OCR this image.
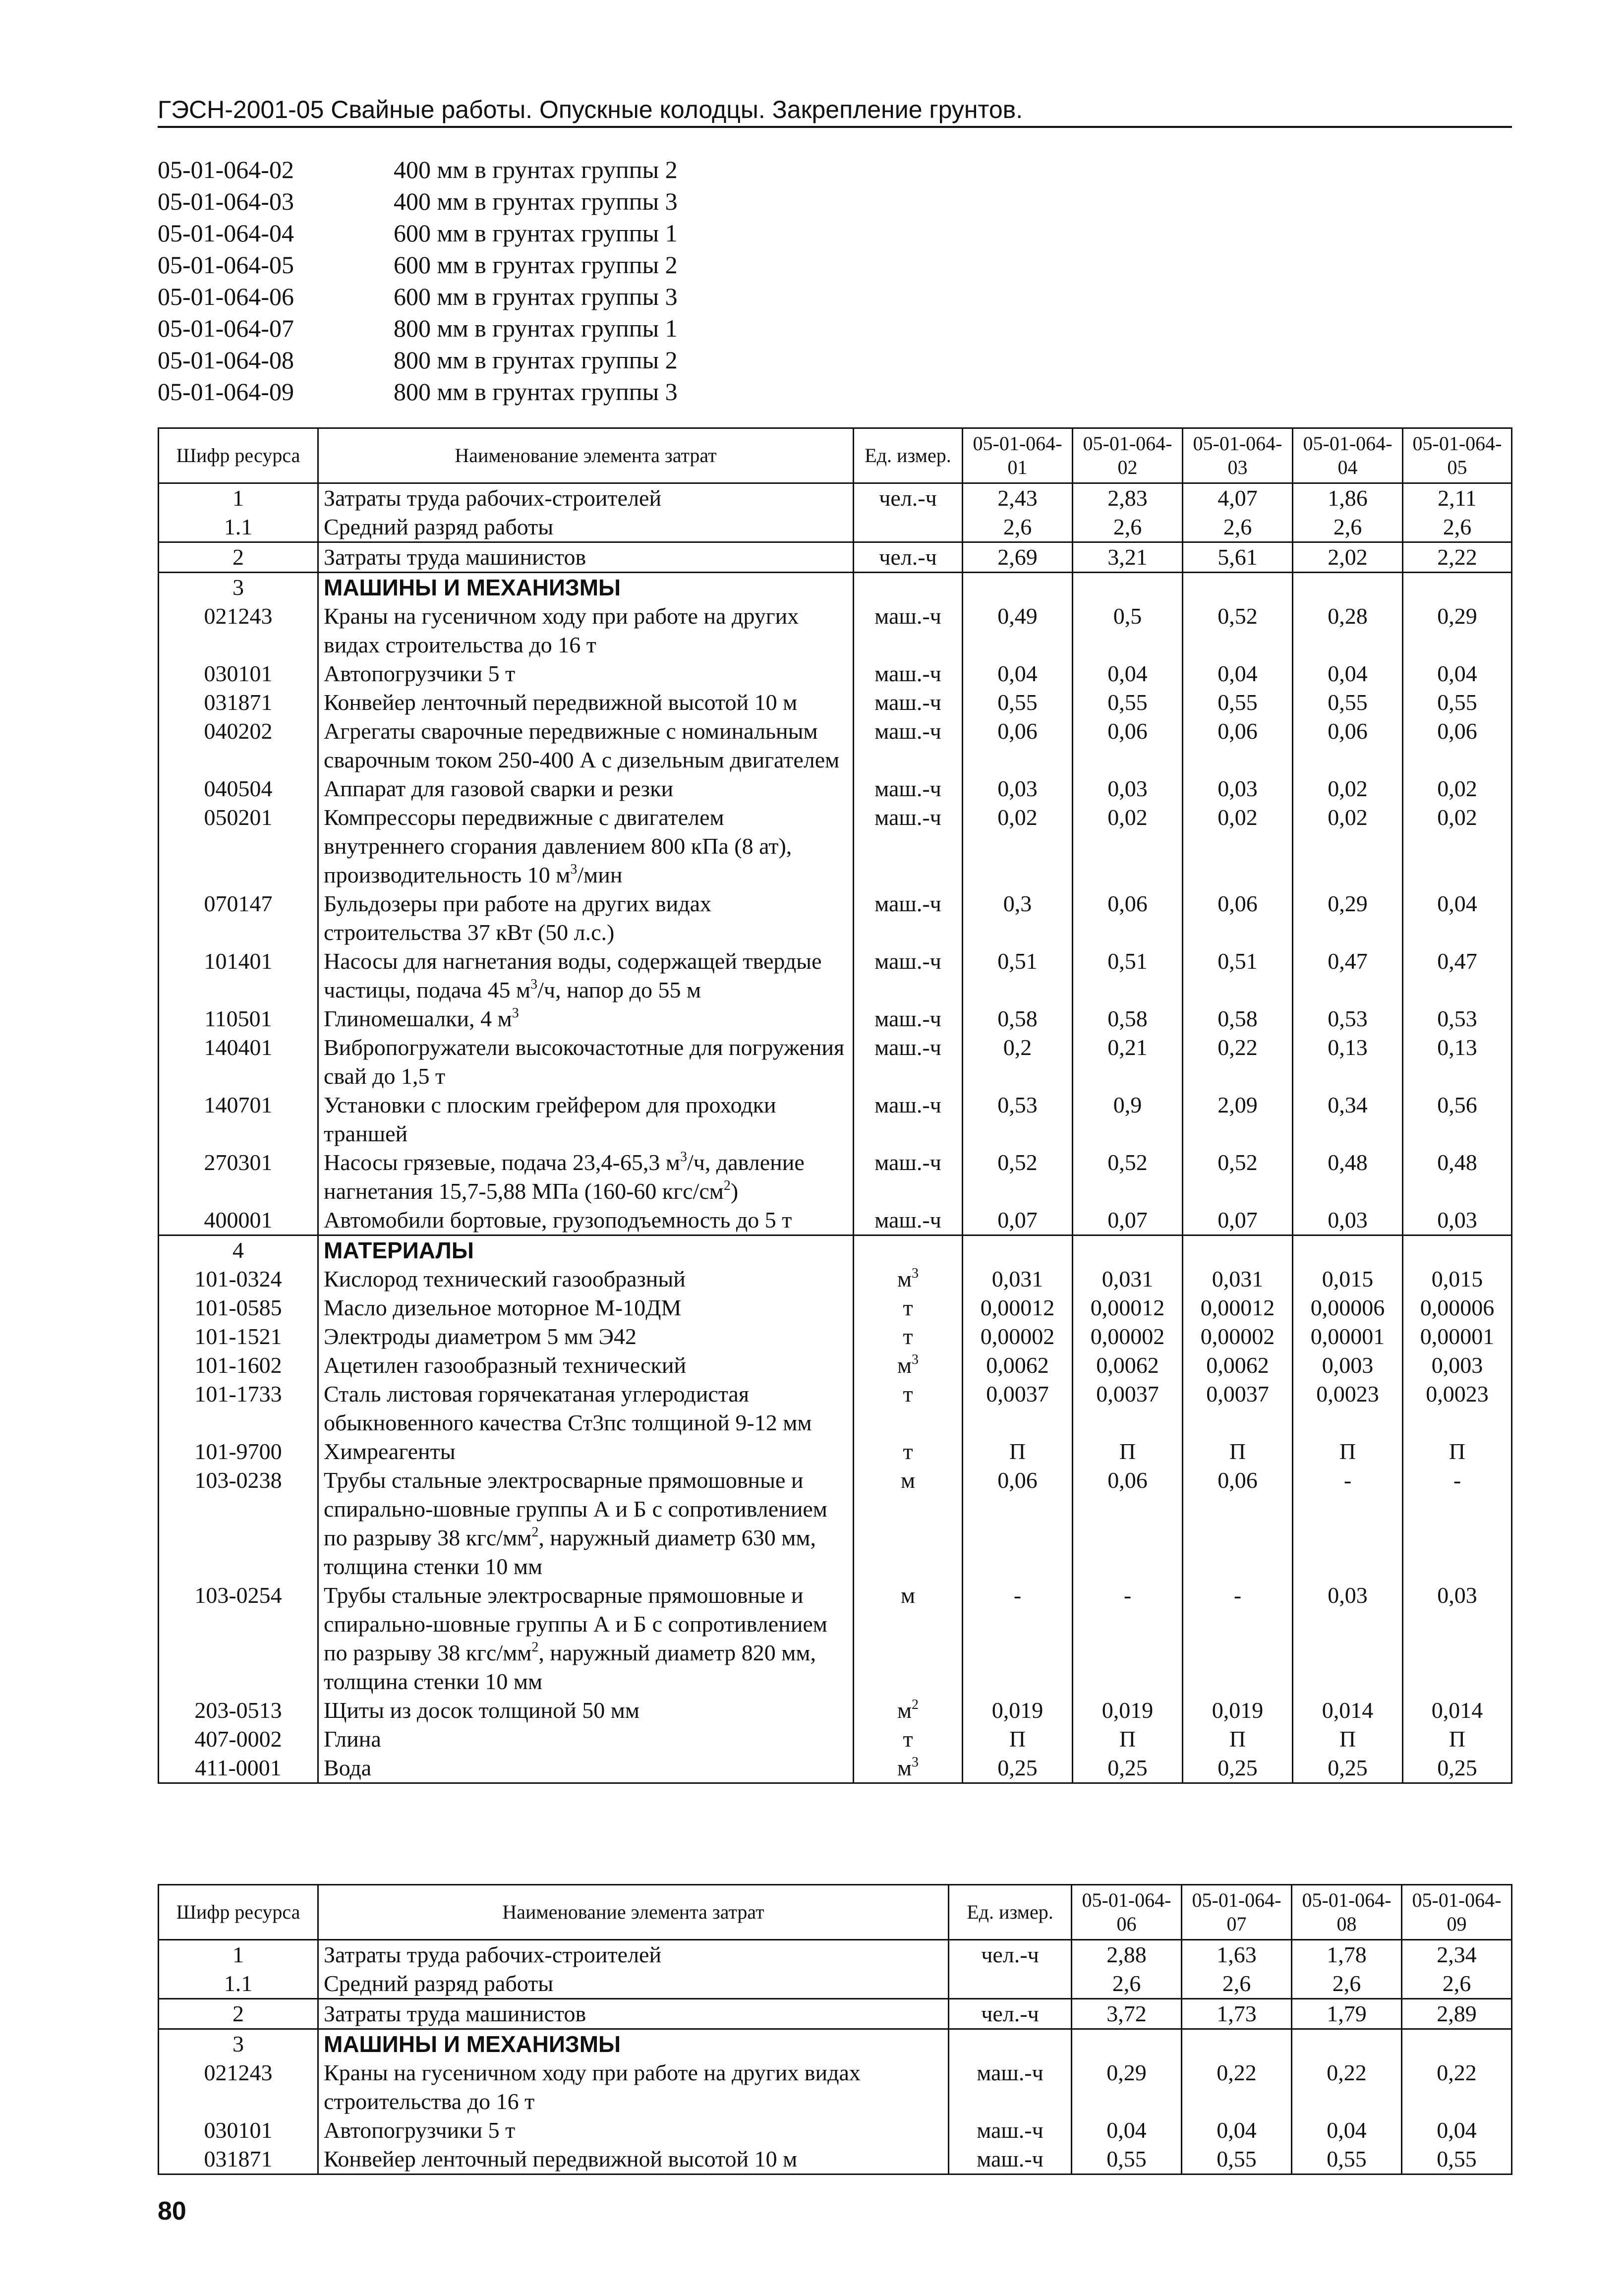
ГЭСН-2001-05 Свайные работы. Опускные колодцы. Закрепление грунтов.
05-01-064-02	400 мм в грунтах группы 2
05-01-064-03	400 мм в грунтах группы 3
05-01-064-04	600 мм в грунтах группы 1
05-01-064-05	600 мм в грунтах группы 2
05-01-064-06	600 мм в грунтах группы 3
05-01-064-07	800 мм в грунтах группы 1
05-01-064-08	800 мм в грунтах группы 2
05-01-064-09	800 мм в грунтах группы 3
Шифр ресурса	Наименование элемента затрат	Ед. измер.	05-01-064-01	05-01-064-02	05-01-064-03	05-01-064-04	05-01-064-05
1	Затраты труда рабочих-строителей	чел.-ч	2,43	2,83	4,07	1,86	2,11
1.1	Средний разряд работы		2,6	2,6	2,6	2,6	2,6
2	Затраты труда машинистов	чел.-ч	2,69	3,21	5,61	2,02	2,22
3	МАШИНЫ И МЕХАНИЗМЫ						
021243	Краны на гусеничном ходу при работе на других видах строительства до 16 т	маш.-ч	0,49	0,5	0,52	0,28	0,29
030101	Автопогрузчики 5 т	маш.-ч	0,04	0,04	0,04	0,04	0,04
031871	Конвейер ленточный передвижной высотой 10 м	маш.-ч	0,55	0,55	0,55	0,55	0,55
040202	Агрегаты сварочные передвижные с номинальным сварочным током 250-400 А с дизельным двигателем	маш.-ч	0,06	0,06	0,06	0,06	0,06
040504	Аппарат для газовой сварки и резки	маш.-ч	0,03	0,03	0,03	0,02	0,02
050201	Компрессоры передвижные с двигателем внутреннего сгорания давлением 800 кПа (8 ат), производительность 10 $м^3$/мин	маш.-ч	0,02	0,02	0,02	0,02	0,02
070147	Бульдозеры при работе на других видах строительства 37 кВт (50 л.с.)	маш.-ч	0,3	0,06	0,06	0,29	0,04
101401	Насосы для нагнетания воды, содержащей твердые частицы, подача 45 $м^3/ч$, напор до 55 м	маш.-ч	0,51	0,51	0,51	0,47	0,47
110501	Глиномешалки, 4 $м^3$	маш.-ч	0,58	0,58	0,58	0,53	0,53
140401	Вибропогружатели высокочастотные для погружения свай до 1,5 т	маш.-ч	0,2	0,21	0,22	0,13	0,13
140701	Установки с плоским грейфером для проходки траншей	маш.-ч	0,53	0,9	2,09	0,34	0,56
270301	Насосы грязевые, подача 23,4-65,3 $м^3/ч$, давление нагнетания 15,7-5,88 МПа (160-60 кгс/$см^2$)	маш.-ч	0,52	0,52	0,52	0,48	0,48
400001	Автомобили бортовые, грузоподъемность до 5 т	маш.-ч	0,07	0,07	0,07	0,03	0,03
4	МАТЕРИАЛЫ						
101-0324	Кислород технический газообразный	$м^3$	0,031	0,031	0,031	0,015	0,015
101-0585	Масло дизельное моторное М-10ДМ	т	0,00012	0,00012	0,00012	0,00006	0,00006
101-1521	Электроды диаметром 5 мм Э42	т	0,00002	0,00002	0,00002	0,00001	0,00001
101-1602	Ацетилен газообразный технический	$м^3$	0,0062	0,0062	0,0062	0,003	0,003
101-1733	Сталь листовая горячекатаная углеродистая обыкновенного качества Ст3пс толщиной 9-12 мм	т	0,0037	0,0037	0,0037	0,0023	0,0023
101-9700	Химреагенты	т	П	П	П	П	П
103-0238	Трубы стальные электросварные прямошовные и спирально-шовные группы А и Б с сопротивлением по разрыву 38 кгс/$мм^2$, наружный диаметр 630 мм, толщина стенки 10 мм	м	0,06	0,06	0,06	-	-
103-0254	Трубы стальные электросварные прямошовные и спирально-шовные группы А и Б с сопротивлением по разрыву 38 кгс/$мм^2$, наружный диаметр 820 мм, толщина стенки 10 мм	м	-	-	-	0,03	0,03
203-0513	Щиты из досок толщиной 50 мм	$м^2$	0,019	0,019	0,019	0,014	0,014
407-0002	Глина	т	П	П	П	П	П
411-0001	Вода	$м^3$	0,25	0,25	0,25	0,25	0,25
Шифр ресурса	Наименование элемента затрат	Ед. измер.	05-01-064-06	05-01-064-07	05-01-064-08	05-01-064-09
1	Затраты труда рабочих-строителей	чел.-ч	2,88	1,63	1,78	2,34
1.1	Средний разряд работы		2,6	2,6	2,6	2,6
2	Затраты труда машинистов	чел.-ч	3,72	1,73	1,79	2,89
3	МАШИНЫ И МЕХАНИЗМЫ					
021243	Краны на гусеничном ходу при работе на других видах строительства до 16 т	маш.-ч	0,29	0,22	0,22	0,22
030101	Автопогрузчики 5 т	маш.-ч	0,04	0,04	0,04	0,04
031871	Конвейер ленточный передвижной высотой 10 м	маш.-ч	0,55	0,55	0,55	0,55
80
